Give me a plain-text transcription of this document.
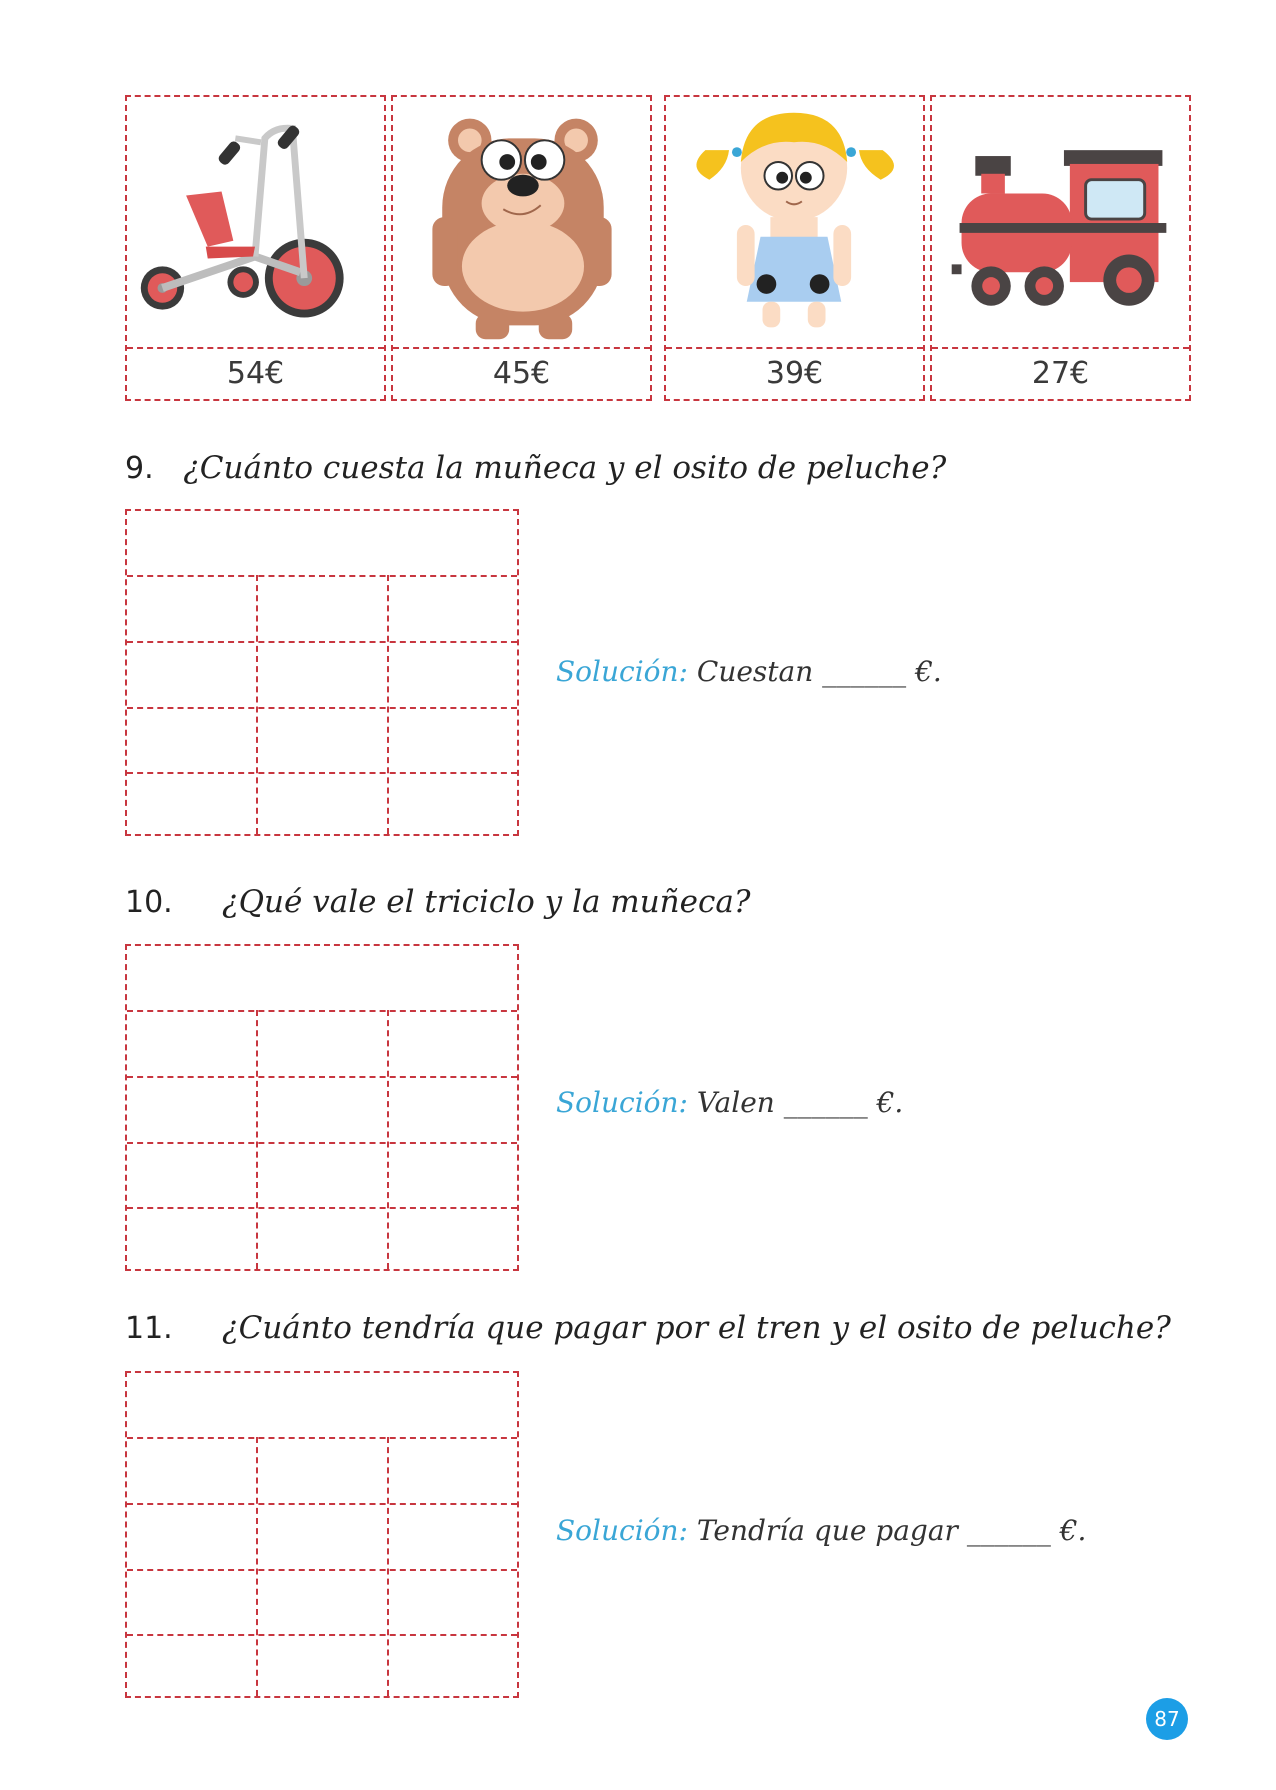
54€	45€	39€	27€
9. ¿Cuánto cuesta la muñeca y el osito de peluche?
Solución: Cuestan ______ €.
10. ¿Qué vale el triciclo y la muñeca?
Solución: Valen ______ €.
11. ¿Cuánto tendría que pagar por el tren y el osito de peluche?
Solución: Tendría que pagar ______ €.
87
